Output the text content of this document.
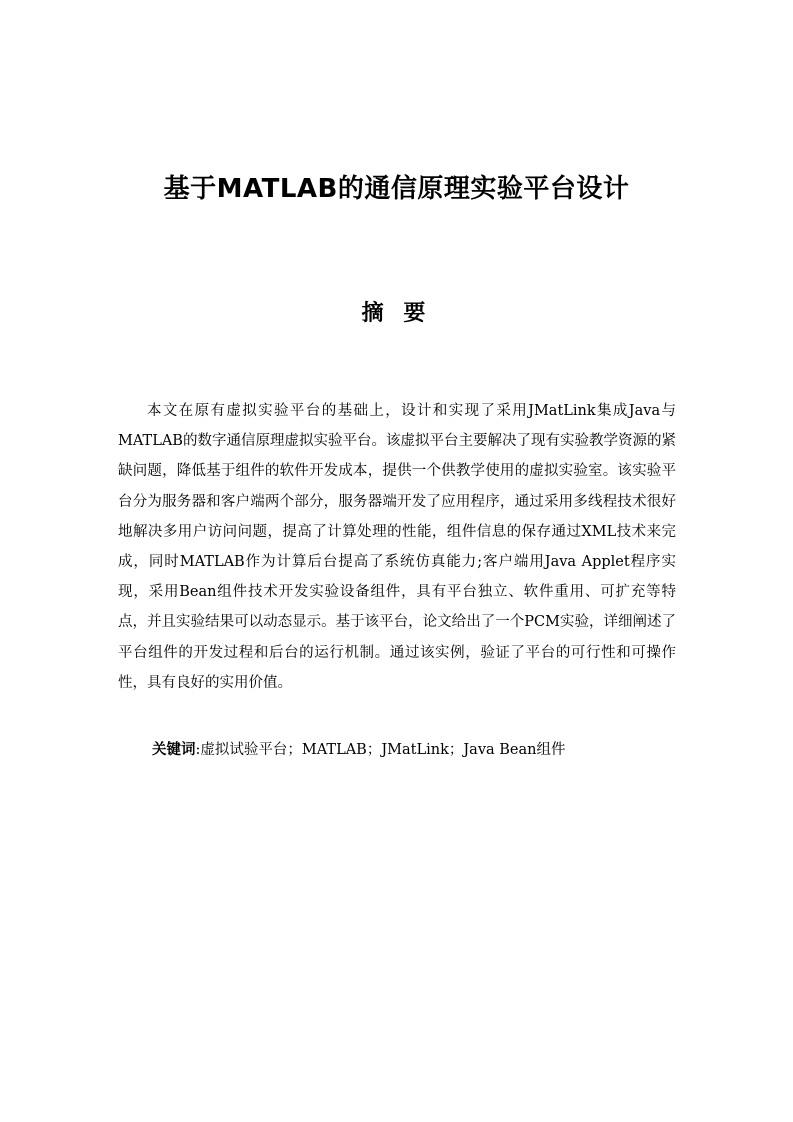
基于MATLAB的通信原理实验平台设计
摘 要

本文在原有虚拟实验平台的基础上，设计和实现了采用JMatLink集成Java与MATLAB的数字通信原理虚拟实验平台。该虚拟平台主要解决了现有实验教学资源的紧缺问题，降低基于组件的软件开发成本，提供一个供教学使用的虚拟实验室。该实验平台分为服务器和客户端两个部分，服务器端开发了应用程序，通过采用多线程技术很好地解决多用户访问问题，提高了计算处理的性能，组件信息的保存通过XML技术来完成，同时MATLAB作为计算后台提高了系统仿真能力;客户端用Java Applet程序实现，采用Bean组件技术开发实验设备组件，具有平台独立、软件重用、可扩充等特点，并且实验结果可以动态显示。基于该平台，论文给出了一个PCM实验，详细阐述了平台组件的开发过程和后台的运行机制。通过该实例，验证了平台的可行性和可操作性，具有良好的实用价值。

关键词:虚拟试验平台；MATLAB；JMatLink；Java Bean组件
